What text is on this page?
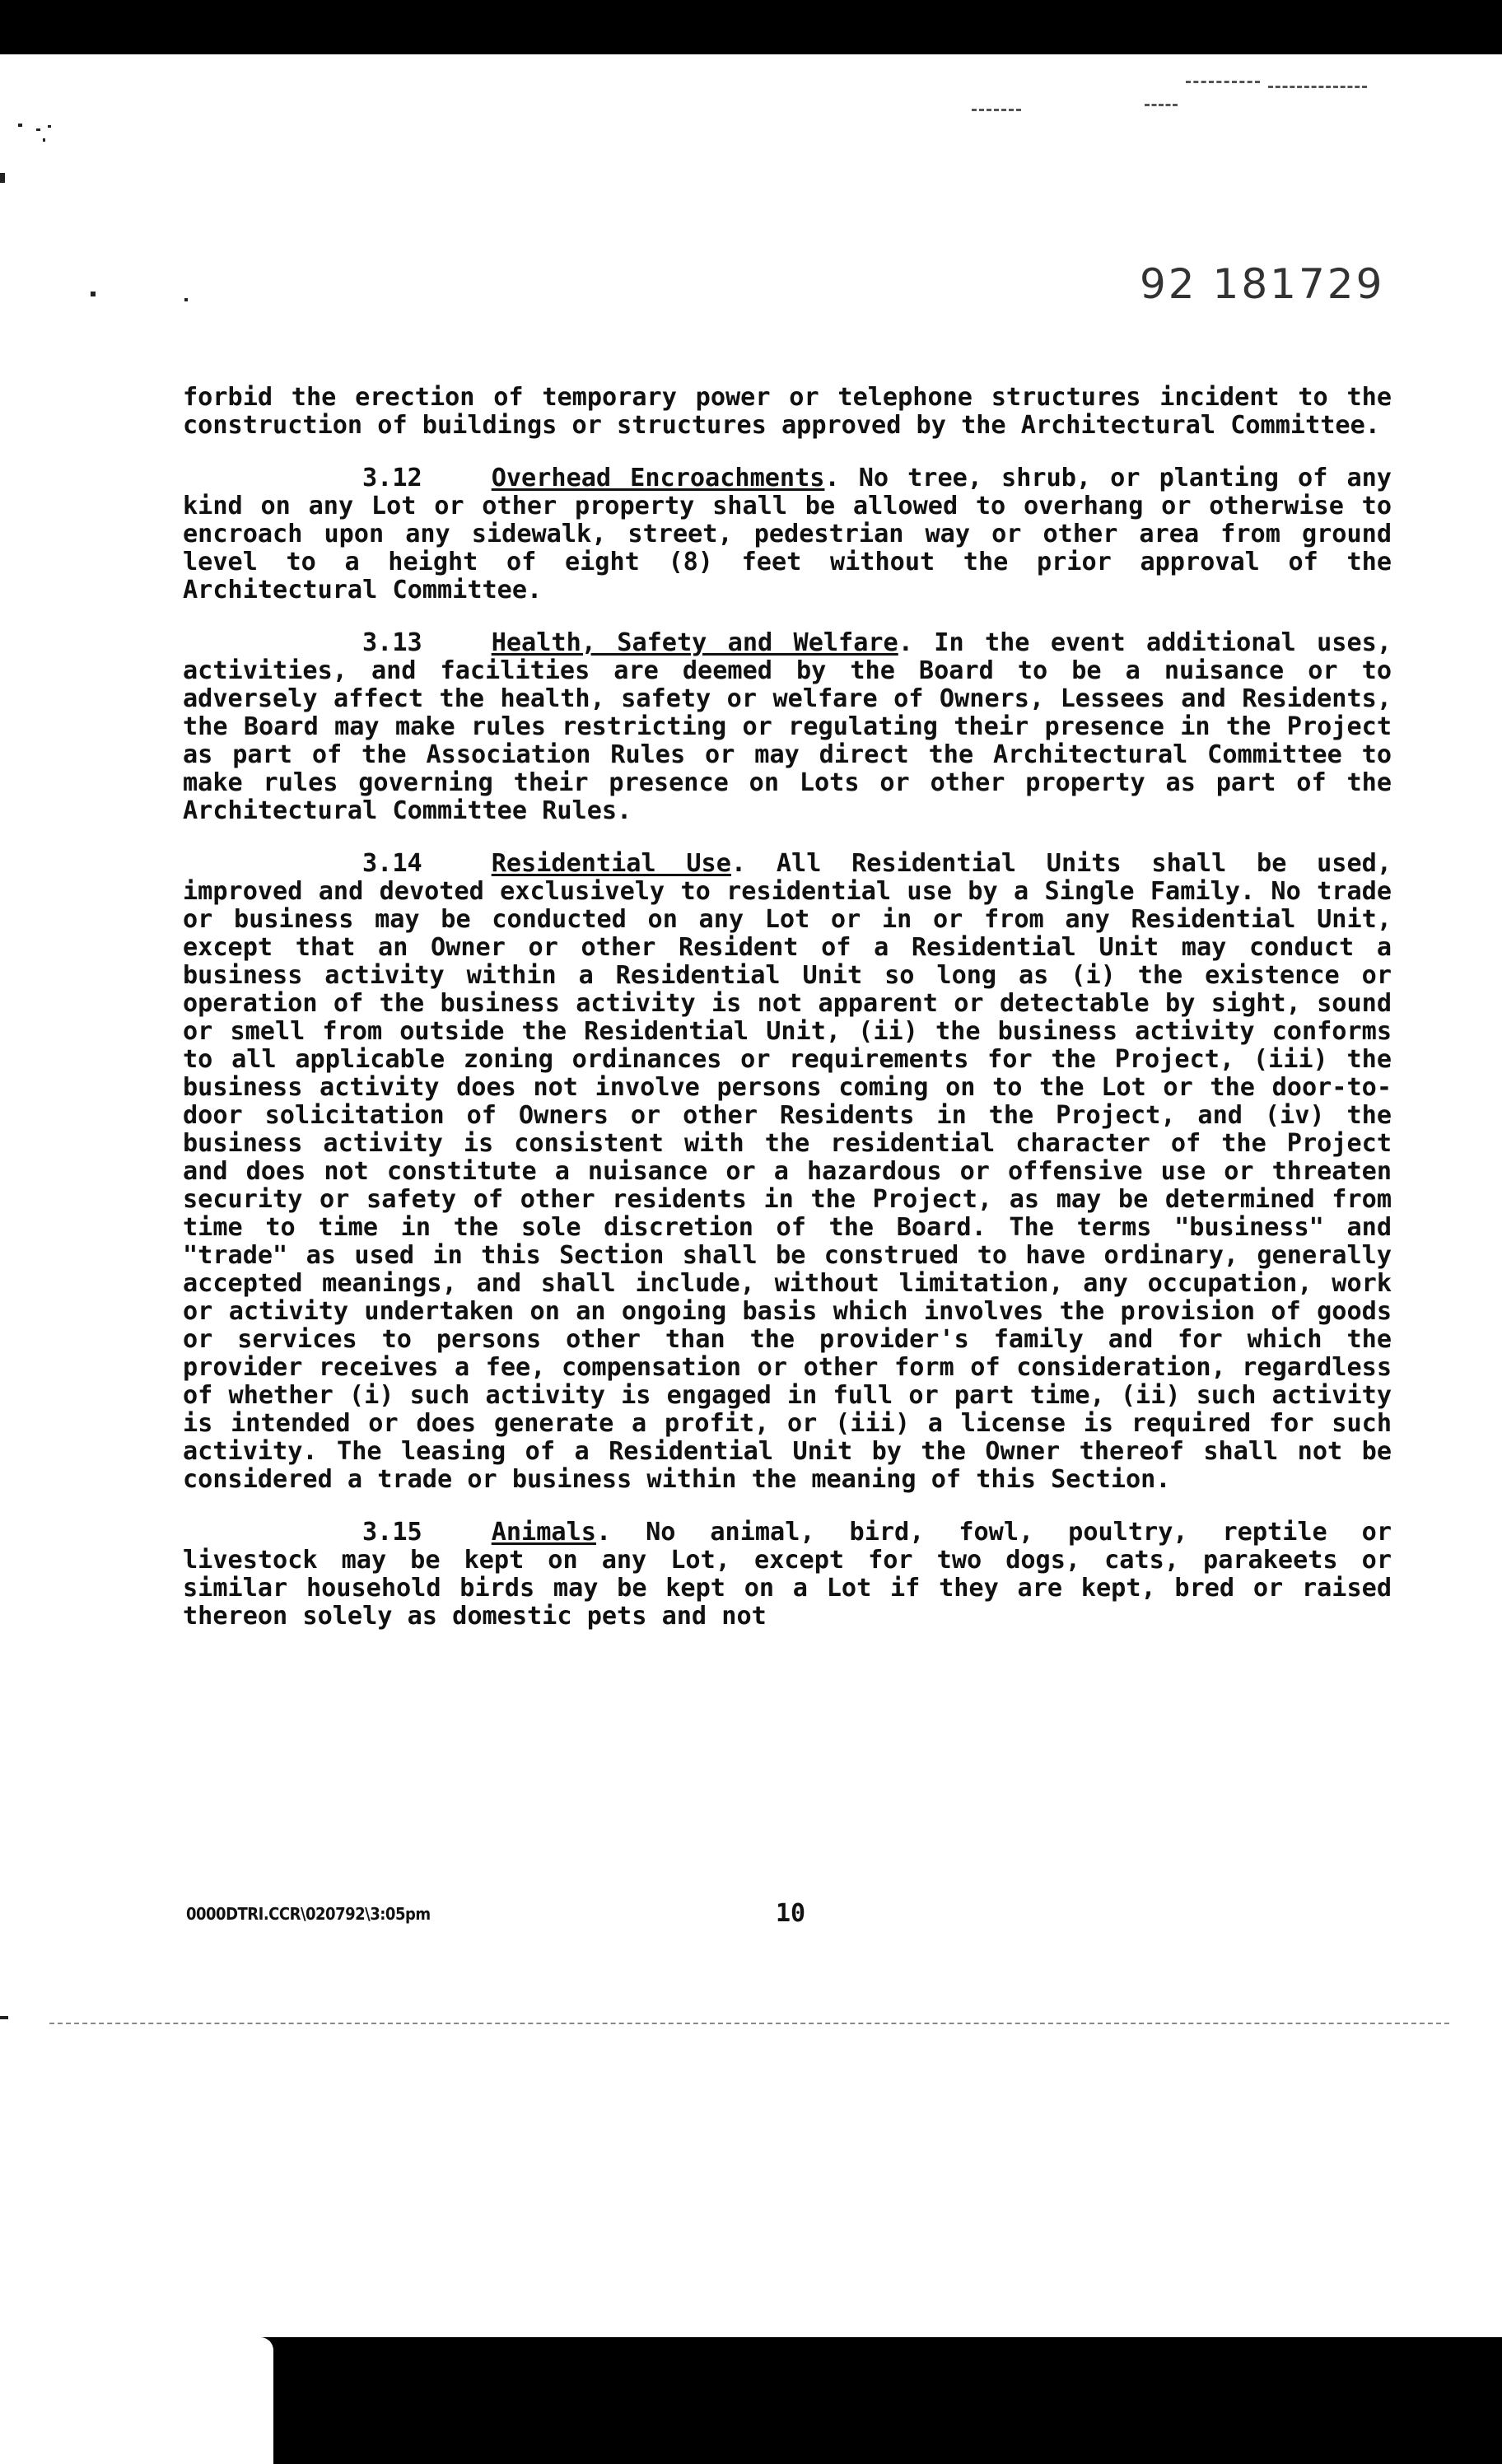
92 181729

forbid the erection of temporary power or telephone structures incident to the construction of buildings or structures approved by the Architectural Committee.

3.12	Overhead Encroachments. No tree, shrub, or planting of any kind on any Lot or other property shall be allowed to overhang or otherwise to encroach upon any sidewalk, street, pedestrian way or other area from ground level to a height of eight (8) feet without the prior approval of the Architectural Committee.

3.13	Health, Safety and Welfare. In the event additional uses, activities, and facilities are deemed by the Board to be a nuisance or to adversely affect the health, safety or welfare of Owners, Lessees and Residents, the Board may make rules restricting or regulating their presence in the Project as part of the Association Rules or may direct the Architectural Committee to make rules governing their presence on Lots or other property as part of the Architectural Committee Rules.

3.14	Residential Use. All Residential Units shall be used, improved and devoted exclusively to residential use by a Single Family. No trade or business may be conducted on any Lot or in or from any Residential Unit, except that an Owner or other Resident of a Residential Unit may conduct a business activity within a Residential Unit so long as (i) the existence or operation of the business activity is not apparent or detectable by sight, sound or smell from outside the Residential Unit, (ii) the business activity conforms to all applicable zoning ordinances or requirements for the Project, (iii) the business activity does not involve persons coming on to the Lot or the door-to-door solicitation of Owners or other Residents in the Project, and (iv) the business activity is consistent with the residential character of the Project and does not constitute a nuisance or a hazardous or offensive use or threaten security or safety of other residents in the Project, as may be determined from time to time in the sole discretion of the Board. The terms "business" and "trade" as used in this Section shall be construed to have ordinary, generally accepted meanings, and shall include, without limitation, any occupation, work or activity undertaken on an ongoing basis which involves the provision of goods or services to persons other than the provider's family and for which the provider receives a fee, compensation or other form of consideration, regardless of whether (i) such activity is engaged in full or part time, (ii) such activity is intended or does generate a profit, or (iii) a license is required for such activity. The leasing of a Residential Unit by the Owner thereof shall not be considered a trade or business within the meaning of this Section.

3.15	Animals. No animal, bird, fowl, poultry, reptile or livestock may be kept on any Lot, except for two dogs, cats, parakeets or similar household birds may be kept on a Lot if they are kept, bred or raised thereon solely as domestic pets and not

0000DTRI.CCR\020792\3:05pm	10
